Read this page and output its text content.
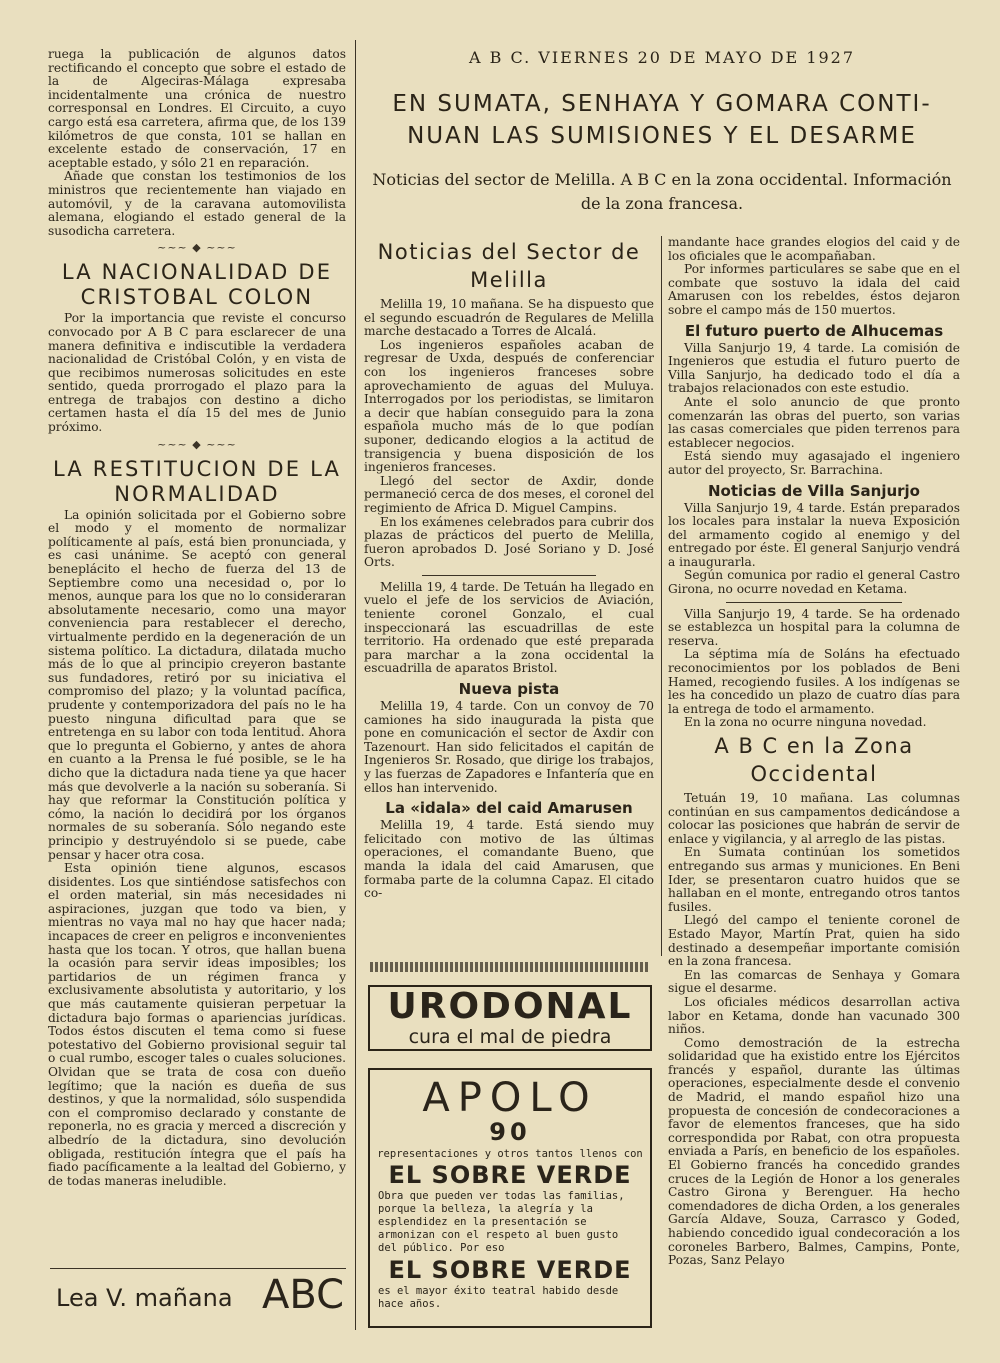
A B C. VIERNES 20 DE MAYO DE 1927
EN SUMATA, SENHAYA Y GOMARA CONTI-
NUAN LAS SUMISIONES Y EL DESARME
Noticias del sector de Melilla. A B C en la zona occidental. Información de la zona francesa.

ruega la publicación de algunos datos rectificando el concepto que sobre el estado de la de Algeciras-Málaga expresaba incidentalmente una crónica de nuestro corresponsal en Londres. El Circuito, a cuyo cargo está esa carretera, afirma que, de los 139 kilómetros de que consta, 101 se hallan en excelente estado de conservación, 17 en aceptable estado, y sólo 21 en reparación.

Añade que constan los testimonios de los ministros que recientemente han viajado en automóvil, y de la caravana automovilista alemana, elogiando el estado general de la susodicha carretera.

~~~ ◆ ~~~
LA NACIONALIDAD DE CRISTOBAL COLON

Por la importancia que reviste el concurso convocado por A B C para esclarecer de una manera definitiva e indiscutible la verdadera nacionalidad de Cristóbal Colón, y en vista de que recibimos numerosas solicitudes en este sentido, queda prorrogado el plazo para la entrega de trabajos con destino a dicho certamen hasta el día 15 del mes de Junio próximo.

~~~ ◆ ~~~
LA RESTITUCION DE LA NORMALIDAD

La opinión solicitada por el Gobierno sobre el modo y el momento de normalizar políticamente al país, está bien pronunciada, y es casi unánime. Se aceptó con general beneplácito el hecho de fuerza del 13 de Septiembre como una necesidad o, por lo menos, aunque para los que no lo consideraran absolutamente necesario, como una mayor conveniencia para restablecer el derecho, virtualmente perdido en la degeneración de un sistema político. La dictadura, dilatada mucho más de lo que al principio creyeron bastante sus fundadores, retiró por su iniciativa el compromiso del plazo; y la voluntad pacífica, prudente y contemporizadora del país no le ha puesto ninguna dificultad para que se entretenga en su labor con toda lentitud. Ahora que lo pregunta el Gobierno, y antes de ahora en cuanto a la Prensa le fué posible, se le ha dicho que la dictadura nada tiene ya que hacer más que devolverle a la nación su soberanía. Si hay que reformar la Constitución política y cómo, la nación lo decidirá por los órganos normales de su soberanía. Sólo negando este principio y destruyéndolo si se puede, cabe pensar y hacer otra cosa.

Esta opinión tiene algunos, escasos disidentes. Los que sintiéndose satisfechos con el orden material, sin más necesidades ni aspiraciones, juzgan que todo va bien, y mientras no vaya mal no hay que hacer nada; incapaces de creer en peligros e inconvenientes hasta que los tocan. Y otros, que hallan buena la ocasión para servir ideas imposibles; los partidarios de un régimen franca y exclusivamente absolutista y autoritario, y los que más cautamente quisieran perpetuar la dictadura bajo formas o apariencias jurídicas. Todos éstos discuten el tema como si fuese potestativo del Gobierno provisional seguir tal o cual rumbo, escoger tales o cuales soluciones. Olvidan que se trata de cosa con dueño legítimo; que la nación es dueña de sus destinos, y que la normalidad, sólo suspendida con el compromiso declarado y constante de reponerla, no es gracia y merced a discreción y albedrío de la dictadura, sino devolución obligada, restitución íntegra que el país ha fiado pacíficamente a la lealtad del Gobierno, y de todas maneras ineludible.

Lea V. mañana ABC
Noticias del Sector de Melilla

Melilla 19, 10 mañana. Se ha dispuesto que el segundo escuadrón de Regulares de Melilla marche destacado a Torres de Alcalá.

Los ingenieros españoles acaban de regresar de Uxda, después de conferenciar con los ingenieros franceses sobre aprovechamiento de aguas del Muluya. Interrogados por los periodistas, se limitaron a decir que habían conseguido para la zona española mucho más de lo que podían suponer, dedicando elogios a la actitud de transigencia y buena disposición de los ingenieros franceses.

Llegó del sector de Axdir, donde permaneció cerca de dos meses, el coronel del regimiento de Africa D. Miguel Campins.

En los exámenes celebrados para cubrir dos plazas de prácticos del puerto de Melilla, fueron aprobados D. José Soriano y D. José Orts.

Melilla 19, 4 tarde. De Tetuán ha llegado en vuelo el jefe de los servicios de Aviación, teniente coronel Gonzalo, el cual inspeccionará las escuadrillas de este territorio. Ha ordenado que esté preparada para marchar a la zona occidental la escuadrilla de aparatos Bristol.

Nueva pista

Melilla 19, 4 tarde. Con un convoy de 70 camiones ha sido inaugurada la pista que pone en comunicación el sector de Axdir con Tazenourt. Han sido felicitados el capitán de Ingenieros Sr. Rosado, que dirige los trabajos, y las fuerzas de Zapadores e Infantería que en ellos han intervenido.

La «idala» del caid Amarusen

Melilla 19, 4 tarde. Está siendo muy felicitado con motivo de las últimas operaciones, el comandante Bueno, que manda la idala del caid Amarusen, que formaba parte de la columna Capaz. El citado co-

URODONAL
cura el mal de piedra
APOLO
90
representaciones y otros tantos llenos con
EL SOBRE VERDE
Obra que pueden ver todas las familias, porque la belleza, la alegría y la esplendidez en la presentación se armonizan con el respeto al buen gusto del público. Por eso
EL SOBRE VERDE
es el mayor éxito teatral habido desde hace años.

mandante hace grandes elogios del caid y de los oficiales que le acompañaban.

Por informes particulares se sabe que en el combate que sostuvo la idala del caid Amarusen con los rebeldes, éstos dejaron sobre el campo más de 150 muertos.

El futuro puerto de Alhucemas

Villa Sanjurjo 19, 4 tarde. La comisión de Ingenieros que estudia el futuro puerto de Villa Sanjurjo, ha dedicado todo el día a trabajos relacionados con este estudio.

Ante el solo anuncio de que pronto comenzarán las obras del puerto, son varias las casas comerciales que piden terrenos para establecer negocios.

Está siendo muy agasajado el ingeniero autor del proyecto, Sr. Barrachina.

Noticias de Villa Sanjurjo

Villa Sanjurjo 19, 4 tarde. Están preparados los locales para instalar la nueva Exposición del armamento cogido al enemigo y del entregado por éste. El general Sanjurjo vendrá a inaugurarla.

Según comunica por radio el general Castro Girona, no ocurre novedad en Ketama.

Villa Sanjurjo 19, 4 tarde. Se ha ordenado se establezca un hospital para la columna de reserva.

La séptima mía de Soláns ha efectuado reconocimientos por los poblados de Beni Hamed, recogiendo fusiles. A los indígenas se les ha concedido un plazo de cuatro días para la entrega de todo el armamento.

En la zona no ocurre ninguna novedad.

A B C en la Zona Occidental

Tetuán 19, 10 mañana. Las columnas continúan en sus campamentos dedicándose a colocar las posiciones que habrán de servir de enlace y vigilancia, y al arreglo de las pistas.

En Sumata continúan los sometidos entregando sus armas y municiones. En Beni Ider, se presentaron cuatro huidos que se hallaban en el monte, entregando otros tantos fusiles.

Llegó del campo el teniente coronel de Estado Mayor, Martín Prat, quien ha sido destinado a desempeñar importante comisión en la zona francesa.

En las comarcas de Senhaya y Gomara sigue el desarme.

Los oficiales médicos desarrollan activa labor en Ketama, donde han vacunado 300 niños.

Como demostración de la estrecha solidaridad que ha existido entre los Ejércitos francés y español, durante las últimas operaciones, especialmente desde el convenio de Madrid, el mando español hizo una propuesta de concesión de condecoraciones a favor de elementos franceses, que ha sido correspondida por Rabat, con otra propuesta enviada a París, en beneficio de los españoles. El Gobierno francés ha concedido grandes cruces de la Legión de Honor a los generales Castro Girona y Berenguer. Ha hecho comendadores de dicha Orden, a los generales García Aldave, Souza, Carrasco y Goded, habiendo concedido igual condecoración a los coroneles Barbero, Balmes, Campins, Ponte, Pozas, Sanz Pelayo
